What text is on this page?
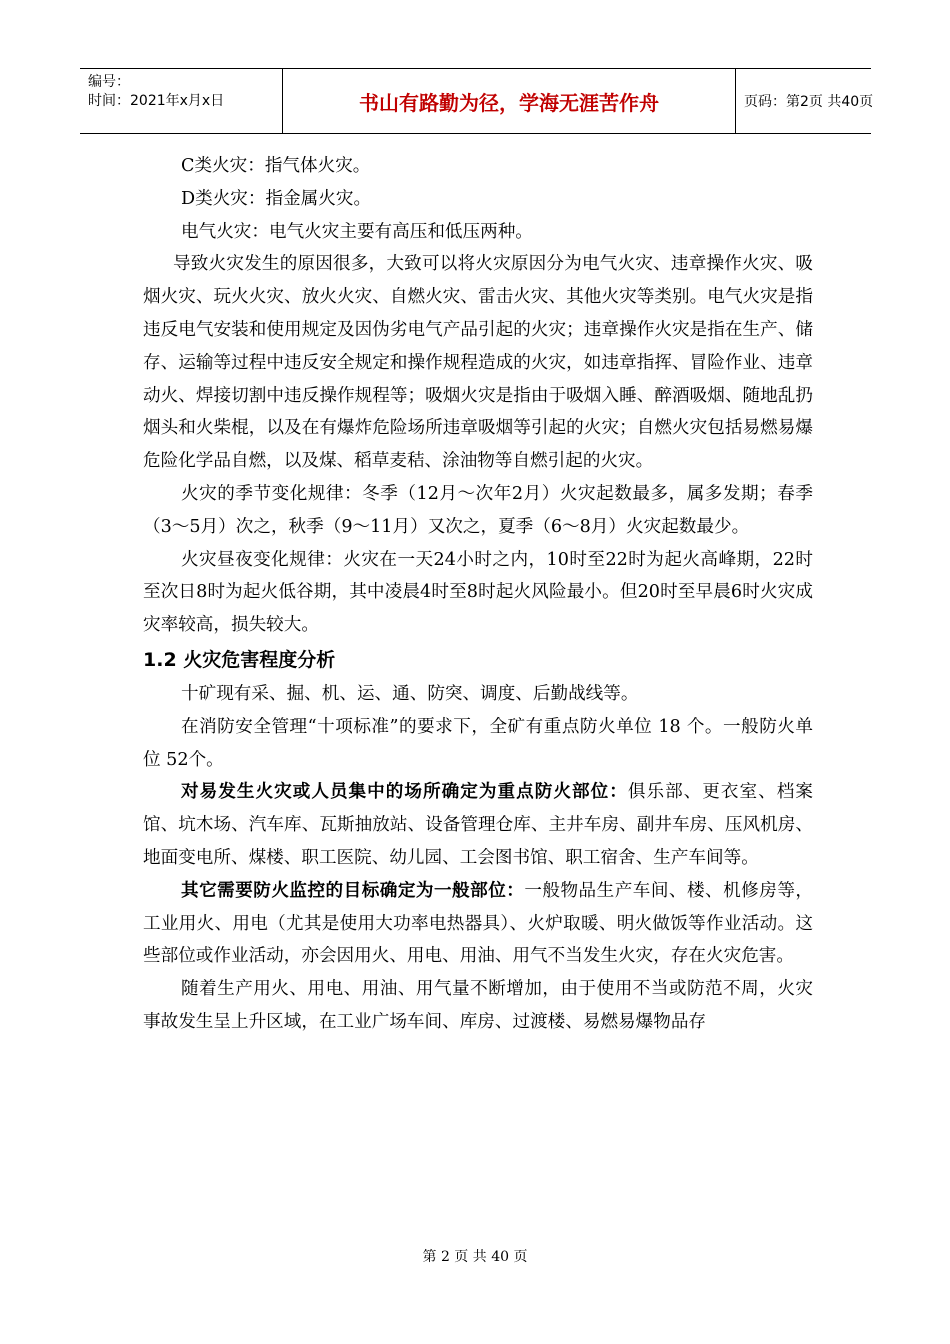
编号：
时间：2021年x月x日	书山有路勤为径，学海无涯苦作舟	页码：第2页 共40页

C类火灾：指气体火灾。

D类火灾：指金属火灾。

电气火灾：电气火灾主要有高压和低压两种。

导致火灾发生的原因很多，大致可以将火灾原因分为电气火灾、违章操作火灾、吸烟火灾、玩火火灾、放火火灾、自燃火灾、雷击火灾、其他火灾等类别。电气火灾是指违反电气安装和使用规定及因伪劣电气产品引起的火灾；违章操作火灾是指在生产、储存、运输等过程中违反安全规定和操作规程造成的火灾，如违章指挥、冒险作业、违章动火、焊接切割中违反操作规程等；吸烟火灾是指由于吸烟入睡、醉酒吸烟、随地乱扔烟头和火柴棍，以及在有爆炸危险场所违章吸烟等引起的火灾；自燃火灾包括易燃易爆危险化学品自燃，以及煤、稻草麦秸、涂油物等自燃引起的火灾。

火灾的季节变化规律：冬季（12月～次年2月）火灾起数最多，属多发期；春季（3～5月）次之，秋季（9～11月）又次之，夏季（6～8月）火灾起数最少。

火灾昼夜变化规律：火灾在一天24小时之内，10时至22时为起火高峰期，22时至次日8时为起火低谷期，其中凌晨4时至8时起火风险最小。但20时至早晨6时火灾成灾率较高，损失较大。

1.2 火灾危害程度分析

十矿现有采、掘、机、运、通、防突、调度、后勤战线等。

在消防安全管理“十项标准”的要求下，全矿有重点防火单位 18 个。一般防火单位 52个。

对易发生火灾或人员集中的场所确定为重点防火部位：俱乐部、更衣室、档案馆、坑木场、汽车库、瓦斯抽放站、设备管理仓库、主井车房、副井车房、压风机房、地面变电所、煤楼、职工医院、幼儿园、工会图书馆、职工宿舍、生产车间等。

其它需要防火监控的目标确定为一般部位：一般物品生产车间、楼、机修房等，工业用火、用电（尤其是使用大功率电热器具）、火炉取暖、明火做饭等作业活动。这些部位或作业活动，亦会因用火、用电、用油、用气不当发生火灾，存在火灾危害。

随着生产用火、用电、用油、用气量不断增加，由于使用不当或防范不周，火灾事故发生呈上升区域，在工业广场车间、库房、过渡楼、易燃易爆物品存

第 2 页 共 40 页
